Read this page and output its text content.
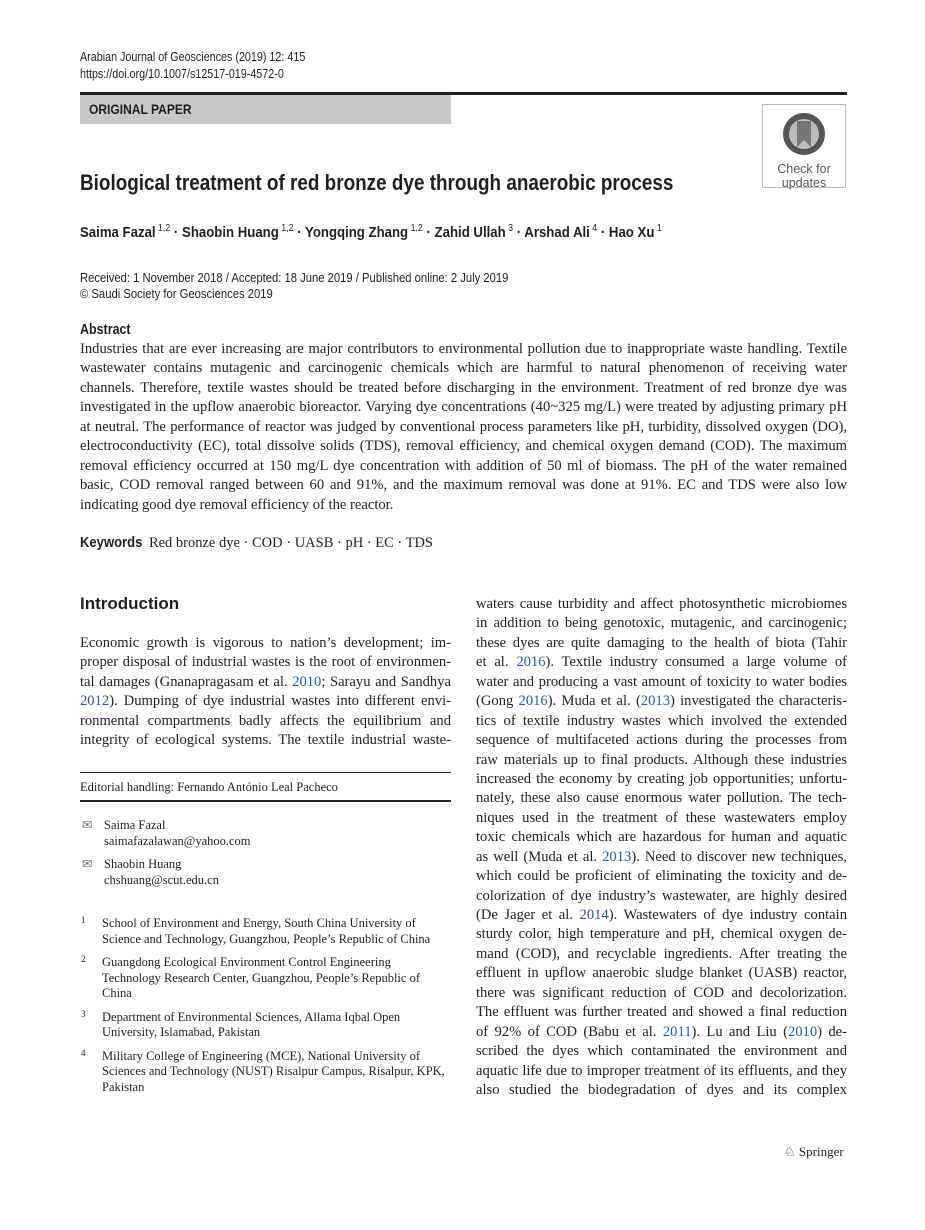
Arabian Journal of Geosciences (2019) 12: 415
https://doi.org/10.1007/s12517-019-4572-0
ORIGINAL PAPER
Check for
updates
Biological treatment of red bronze dye through anaerobic process
Saima Fazal $^{1,2}$ · Shaobin Huang $^{1,2}$ · Yongqing Zhang $^{1,2}$ · Zahid Ullah $^3$ · Arshad Ali $^4$ · Hao Xu $^1$
Received: 1 November 2018 / Accepted: 18 June 2019 / Published online: 2 July 2019
© Saudi Society for Geosciences 2019
Abstract
Industries that are ever increasing are major contributors to environmental pollution due to inappropriate waste handling. Textile
wastewater contains mutagenic and carcinogenic chemicals which are harmful to natural phenomenon of receiving water
channels. Therefore, textile wastes should be treated before discharging in the environment. Treatment of red bronze dye was
investigated in the upflow anaerobic bioreactor. Varying dye concentrations (40~325 mg/L) were treated by adjusting primary pH
at neutral. The performance of reactor was judged by conventional process parameters like pH, turbidity, dissolved oxygen (DO),
electroconductivity (EC), total dissolve solids (TDS), removal efficiency, and chemical oxygen demand (COD). The maximum
removal efficiency occurred at 150 mg/L dye concentration with addition of 50 ml of biomass. The pH of the water remained
basic, COD removal ranged between 60 and 91%, and the maximum removal was done at 91%. EC and TDS were also low
indicating good dye removal efficiency of the reactor.
Keywords Red bronze dye · COD · UASB · pH · EC · TDS
Introduction
Economic growth is vigorous to nation’s development; im-
proper disposal of industrial wastes is the root of environmen-
tal damages (Gnanapragasam et al. 2010; Sarayu and Sandhya
2012). Dumping of dye industrial wastes into different envi-
ronmental compartments badly affects the equilibrium and
integrity of ecological systems. The textile industrial waste-
waters cause turbidity and affect photosynthetic microbiomes
in addition to being genotoxic, mutagenic, and carcinogenic;
these dyes are quite damaging to the health of biota (Tahir
et al. 2016). Textile industry consumed a large volume of
water and producing a vast amount of toxicity to water bodies
(Gong 2016). Muda et al. (2013) investigated the characteris-
tics of textile industry wastes which involved the extended
sequence of multifaceted actions during the processes from
raw materials up to final products. Although these industries
increased the economy by creating job opportunities; unfortu-
nately, these also cause enormous water pollution. The tech-
niques used in the treatment of these wastewaters employ
toxic chemicals which are hazardous for human and aquatic
as well (Muda et al. 2013). Need to discover new techniques,
which could be proficient of eliminating the toxicity and de-
colorization of dye industry’s wastewater, are highly desired
(De Jager et al. 2014). Wastewaters of dye industry contain
sturdy color, high temperature and pH, chemical oxygen de-
mand (COD), and recyclable ingredients. After treating the
effluent in upflow anaerobic sludge blanket (UASB) reactor,
there was significant reduction of COD and decolorization.
The effluent was further treated and showed a final reduction
of 92% of COD (Babu et al. 2011). Lu and Liu (2010) de-
scribed the dyes which contaminated the environment and
aquatic life due to improper treatment of its effluents, and they
also studied the biodegradation of dyes and its complex
Editorial handling: Fernando António Leal Pacheco
✉ Saima Fazal
saimafazalawan@yahoo.com
✉ Shaobin Huang
chshuang@scut.edu.cn
1 School of Environment and Energy, South China University of
Science and Technology, Guangzhou, People’s Republic of China
2 Guangdong Ecological Environment Control Engineering
Technology Research Center, Guangzhou, People’s Republic of
China
3 Department of Environmental Sciences, Allama Iqbal Open
University, Islamabad, Pakistan
4 Military College of Engineering (MCE), National University of
Sciences and Technology (NUST) Risalpur Campus, Risalpur, KPK,
Pakistan
♘ Springer
